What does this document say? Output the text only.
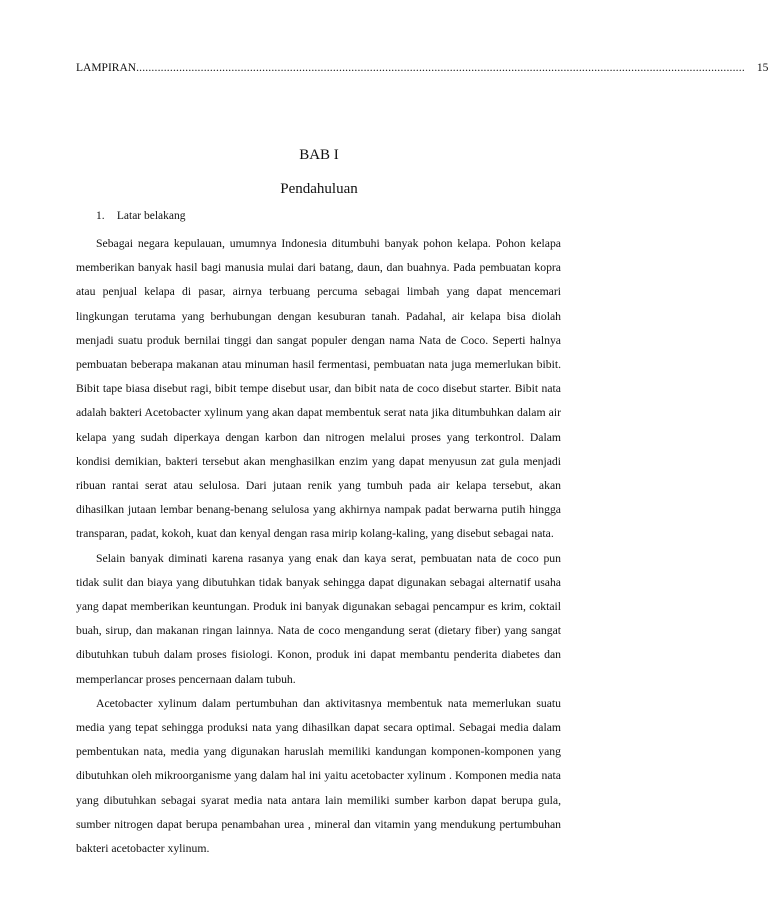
LAMPIRAN ...................................................................................................................................................................................................... 15
BAB I
Pendahuluan
1. Latar belakang

Sebagai negara kepulauan, umumnya Indonesia ditumbuhi banyak pohon kelapa. Pohon kelapa memberikan banyak hasil bagi manusia mulai dari batang, daun, dan buahnya. Pada pembuatan kopra atau penjual kelapa di pasar, airnya terbuang percuma sebagai limbah yang dapat mencemari lingkungan terutama yang berhubungan dengan kesuburan tanah. Padahal, air kelapa bisa diolah menjadi suatu produk bernilai tinggi dan sangat populer dengan nama Nata de Coco. Seperti halnya pembuatan beberapa makanan atau minuman hasil fermentasi, pembuatan nata juga memerlukan bibit. Bibit tape biasa disebut ragi, bibit tempe disebut usar, dan bibit nata de coco disebut starter. Bibit nata adalah bakteri Acetobacter xylinum yang akan dapat membentuk serat nata jika ditumbuhkan dalam air kelapa yang sudah diperkaya dengan karbon dan nitrogen melalui proses yang terkontrol. Dalam kondisi demikian, bakteri tersebut akan menghasilkan enzim yang dapat menyusun zat gula menjadi ribuan rantai serat atau selulosa. Dari jutaan renik yang tumbuh pada air kelapa tersebut, akan dihasilkan jutaan lembar benang-benang selulosa yang akhirnya nampak padat berwarna putih hingga transparan, padat, kokoh, kuat dan kenyal dengan rasa mirip kolang-kaling, yang disebut sebagai nata.

Selain banyak diminati karena rasanya yang enak dan kaya serat, pembuatan nata de coco pun tidak sulit dan biaya yang dibutuhkan tidak banyak sehingga dapat digunakan sebagai alternatif usaha yang dapat memberikan keuntungan. Produk ini banyak digunakan sebagai pencampur es krim, coktail buah, sirup, dan makanan ringan lainnya. Nata de coco mengandung serat (dietary fiber) yang sangat dibutuhkan tubuh dalam proses fisiologi. Konon, produk ini dapat membantu penderita diabetes dan memperlancar proses pencernaan dalam tubuh.

Acetobacter xylinum dalam pertumbuhan dan aktivitasnya membentuk nata memerlukan suatu media yang tepat sehingga produksi nata yang dihasilkan dapat secara optimal. Sebagai media dalam pembentukan nata, media yang digunakan haruslah memiliki kandungan komponen-komponen yang dibutuhkan oleh mikroorganisme yang dalam hal ini yaitu acetobacter xylinum . Komponen media nata yang dibutuhkan sebagai syarat media nata antara lain memiliki sumber karbon dapat berupa gula, sumber nitrogen dapat berupa penambahan urea , mineral dan vitamin yang mendukung pertumbuhan bakteri acetobacter xylinum.
